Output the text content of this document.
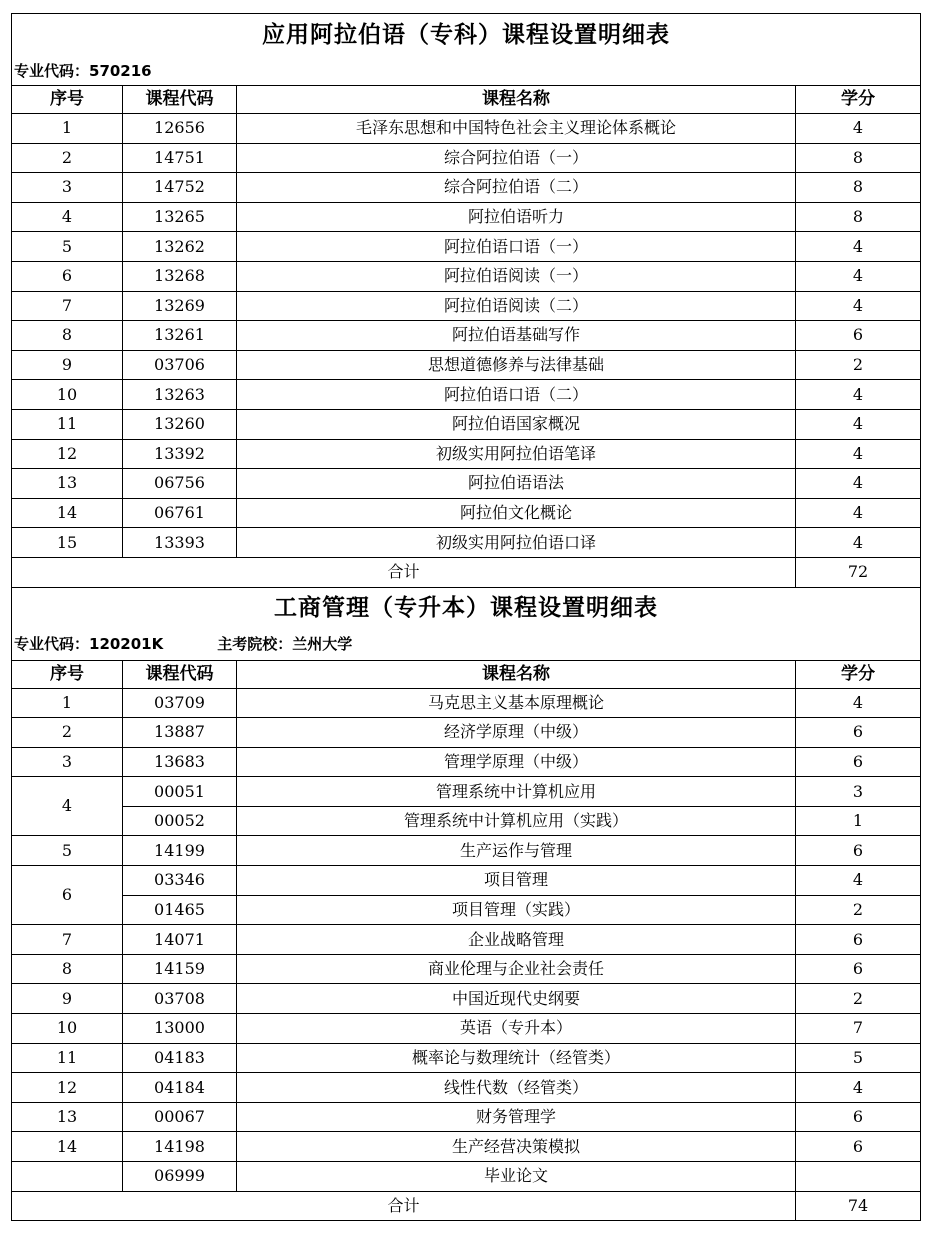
应用阿拉伯语（专科）课程设置明细表			
专业代码：570216			
序号	课程代码	课程名称	学分
1	12656	毛泽东思想和中国特色社会主义理论体系概论	4
2	14751	综合阿拉伯语（一）	8
3	14752	综合阿拉伯语（二）	8
4	13265	阿拉伯语听力	8
5	13262	阿拉伯语口语（一）	4
6	13268	阿拉伯语阅读（一）	4
7	13269	阿拉伯语阅读（二）	4
8	13261	阿拉伯语基础写作	6
9	03706	思想道德修养与法律基础	2
10	13263	阿拉伯语口语（二）	4
11	13260	阿拉伯语国家概况	4
12	13392	初级实用阿拉伯语笔译	4
13	06756	阿拉伯语语法	4
14	06761	阿拉伯文化概论	4
15	13393	初级实用阿拉伯语口译	4
合计			72
工商管理（专升本）课程设置明细表			
专业代码：120201K 主考院校：兰州大学			
序号	课程代码	课程名称	学分
1	03709	马克思主义基本原理概论	4
2	13887	经济学原理（中级）	6
3	13683	管理学原理（中级）	6
4	00051	管理系统中计算机应用	3
	00052	管理系统中计算机应用（实践）	1
5	14199	生产运作与管理	6
6	03346	项目管理	4
	01465	项目管理（实践）	2
7	14071	企业战略管理	6
8	14159	商业伦理与企业社会责任	6
9	03708	中国近现代史纲要	2
10	13000	英语（专升本）	7
11	04183	概率论与数理统计（经管类）	5
12	04184	线性代数（经管类）	4
13	00067	财务管理学	6
14	14198	生产经营决策模拟	6
	06999	毕业论文	
合计			74
